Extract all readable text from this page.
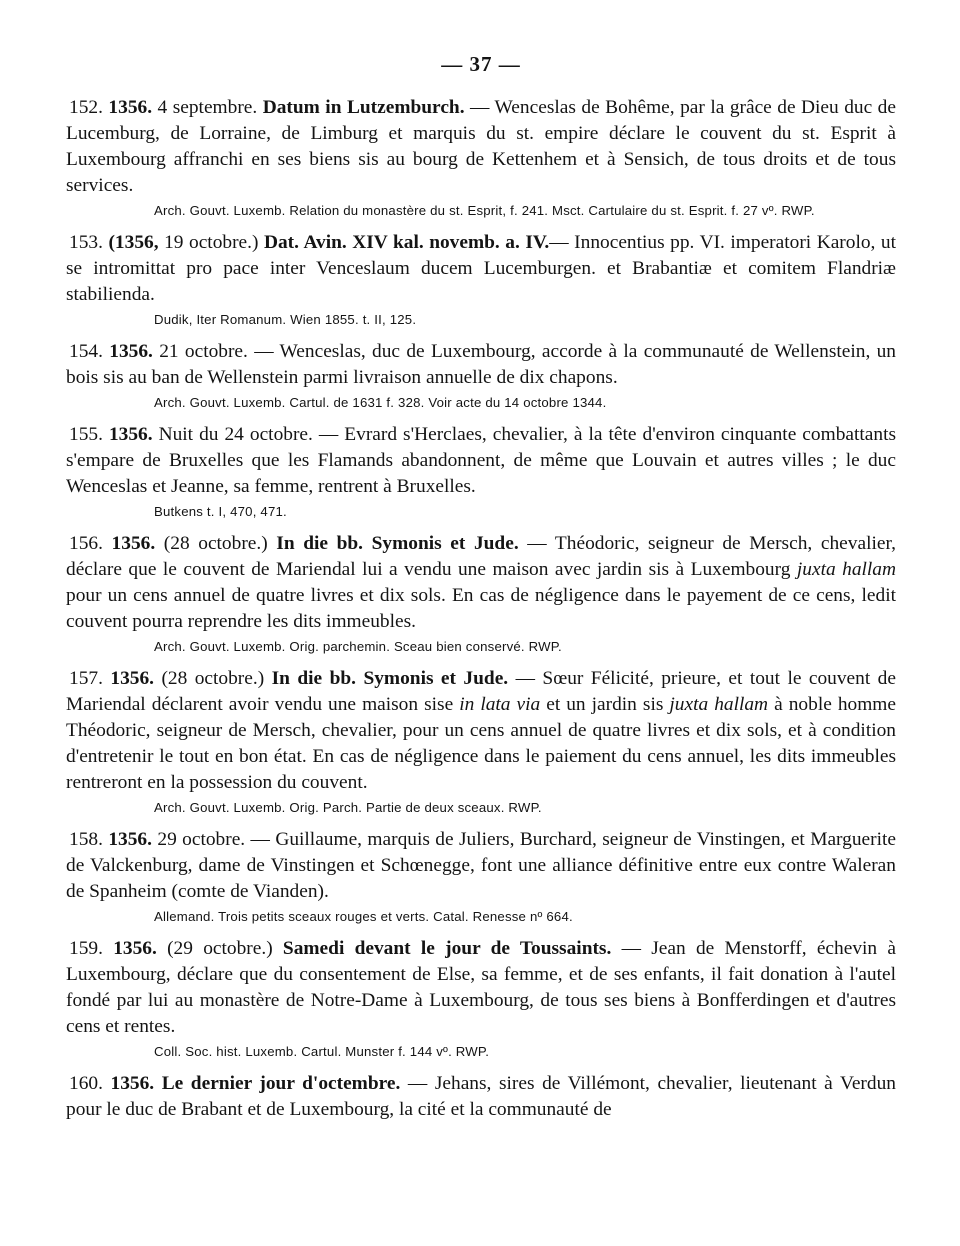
— 37 —
152. 1356. 4 septembre. Datum in Lutzemburch. — Wenceslas de Bohême, par la grâce de Dieu duc de Lucemburg, de Lorraine, de Limburg et marquis du st. empire déclare le couvent du st. Esprit à Luxembourg affranchi en ses biens sis au bourg de Kettenhem et à Sensich, de tous droits et de tous services.
Arch. Gouvt. Luxemb. Relation du monastère du st. Esprit, f. 241. Msct. Cartulaire du st. Esprit. f. 27 vº. RWP.
153. (1356, 19 octobre.) Dat. Avin. XIV kal. novemb. a. IV.— Innocentius pp. VI. imperatori Karolo, ut se intromittat pro pace inter Venceslaum ducem Lucemburgen. et Brabantiæ et comitem Flandriæ stabilienda.
Dudik, Iter Romanum. Wien 1855. t. II, 125.
154. 1356. 21 octobre. — Wenceslas, duc de Luxembourg, accorde à la communauté de Wellenstein, un bois sis au ban de Wellenstein parmi livraison annuelle de dix chapons.
Arch. Gouvt. Luxemb. Cartul. de 1631 f. 328. Voir acte du 14 octobre 1344.
155. 1356. Nuit du 24 octobre. — Evrard s'Herclaes, chevalier, à la tête d'environ cinquante combattants s'empare de Bruxelles que les Flamands abandonnent, de même que Louvain et autres villes ; le duc Wenceslas et Jeanne, sa femme, rentrent à Bruxelles.
Butkens t. I, 470, 471.
156. 1356. (28 octobre.) In die bb. Symonis et Jude. — Théodoric, seigneur de Mersch, chevalier, déclare que le couvent de Mariendal lui a vendu une maison avec jardin sis à Luxembourg juxta hallam pour un cens annuel de quatre livres et dix sols. En cas de négligence dans le payement de ce cens, ledit couvent pourra reprendre les dits immeubles.
Arch. Gouvt. Luxemb. Orig. parchemin. Sceau bien conservé. RWP.
157. 1356. (28 octobre.) In die bb. Symonis et Jude. — Sœur Félicité, prieure, et tout le couvent de Mariendal déclarent avoir vendu une maison sise in lata via et un jardin sis juxta hallam à noble homme Théodoric, seigneur de Mersch, chevalier, pour un cens annuel de quatre livres et dix sols, et à condition d'entretenir le tout en bon état. En cas de négligence dans le paiement du cens annuel, les dits immeubles rentreront en la possession du couvent.
Arch. Gouvt. Luxemb. Orig. Parch. Partie de deux sceaux. RWP.
158. 1356. 29 octobre. — Guillaume, marquis de Juliers, Burchard, seigneur de Vinstingen, et Marguerite de Valckenburg, dame de Vinstingen et Schœnegge, font une alliance définitive entre eux contre Waleran de Spanheim (comte de Vianden).
Allemand. Trois petits sceaux rouges et verts. Catal. Renesse nº 664.
159. 1356. (29 octobre.) Samedi devant le jour de Toussaints. — Jean de Menstorff, échevin à Luxembourg, déclare que du consentement de Else, sa femme, et de ses enfants, il fait donation à l'autel fondé par lui au monastère de Notre-Dame à Luxembourg, de tous ses biens à Bonfferdingen et d'autres cens et rentes.
Coll. Soc. hist. Luxemb. Cartul. Munster f. 144 vº. RWP.
160. 1356. Le dernier jour d'octembre. — Jehans, sires de Villémont, chevalier, lieutenant à Verdun pour le duc de Brabant et de Luxembourg, la cité et la communauté de
